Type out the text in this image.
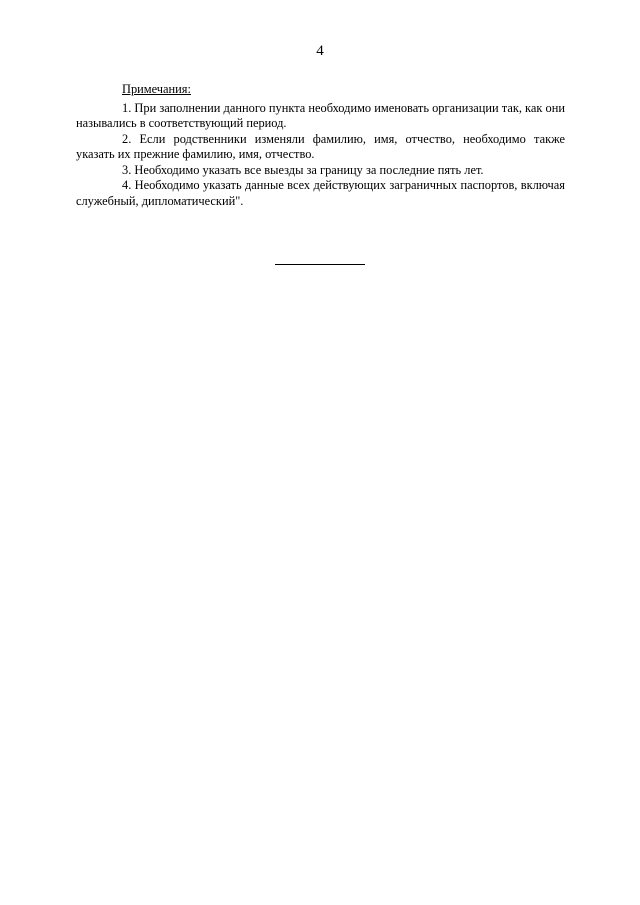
4

Примечания:

1. При заполнении данного пункта необходимо именовать организации так, как они назывались в соответствующий период.

2. Если родственники изменяли фамилию, имя, отчество, необходимо также указать их прежние фамилию, имя, отчество.

3. Необходимо указать все выезды за границу за последние пять лет.

4. Необходимо указать данные всех действующих заграничных паспортов, включая служебный, дипломатический".
